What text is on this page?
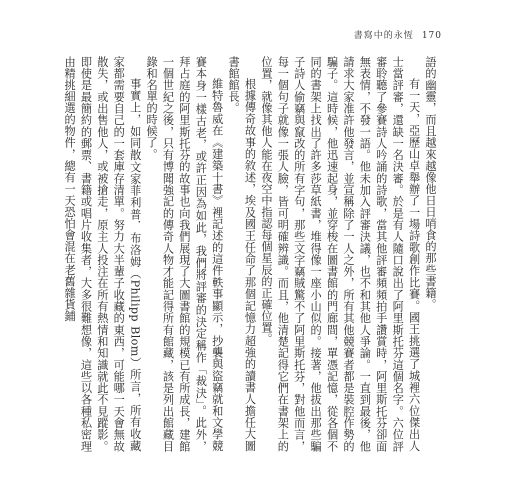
書寫中的永恆 170

語的幽靈，而且越來越像他日日哨食的那些書籍。

有一天，亞歷山卓舉辦了一場詩歌創作比賽。國王挑選了城裡六位傑出人士當評審，還缺一名決審。於是有人隨口說出了阿里斯托芬這個名字。六位評審聆聽了參賽詩人吟誦的詩歌，當其他評審頻頻拍手讚賞時，阿里斯托芬卻面無表情，不發一語。他未加入評審決議，也不和其他人爭論。一直到最後，他請求大家准許他發言，並宣稱除了一人之外，所有其他競賽者都是裝腔作勢的騙子。這時候，他迅速起身，並穿梭在圖書館的門廊間，單憑記憶，從各個不同的書架上找出了許多莎草紙書，堆得像一座小山似的。接著，他拔出那些騙子詩人偷竊與竄改的所有字句，那些文字竊賊驚不了阿里斯托芬，對他而言，每一個句子就像一張人臉，皆可明確辨識。而且，他清楚記得它們在書架上的位置，就像其他人能在夜空中指認每個星辰的正確位置。

根據傳奇故事的敘述，埃及國王任命了那個記憶力超強的讀書人擔任大圖書館館長。

維特魯威在《建築十書》裡記述的這件軼事顯示，抄襲與盜竊就和文學競賽本身一樣古老，或許正因為如此，我們將評審的決定稱作「裁決」。此外，拜占庭的阿里斯托芬的故事也向我們展現了大圖書館的規模已有所成長，建館一個世紀之後，只有博聞強記的傳奇人物才能記得所有館藏，該是列出館藏目錄和名單的時候了。

事實上，如同散文家菲利普．布洛姆（Philipp Blom）所言，所有收藏家都需要自己的一套庫存清單。努力大半輩子收藏的東西，可能哪一天會無故散失，或出售他人，或被搶走，原主人投注在所有熱情和知識就此不見蹤影。即使是最簡約的郵票、書籍或唱片收集者，大多很難想像，這些以各種私密理由精挑細選的物件，總有一天恐怕會混在老舊雜貨鋪
